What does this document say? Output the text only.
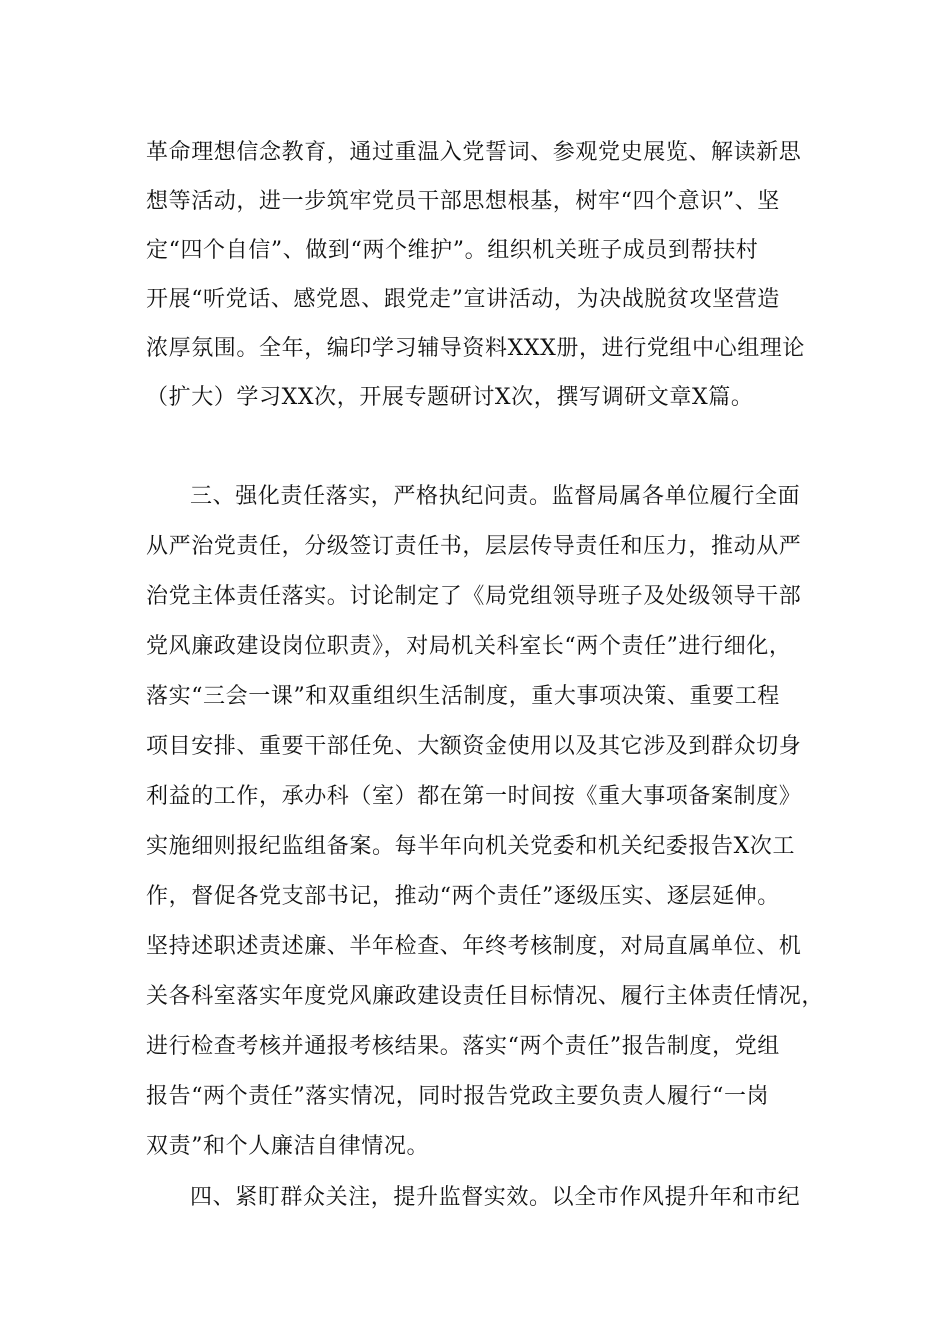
革命理想信念教育，通过重温入党誓词、参观党史展览、解读新思
想等活动，进一步筑牢党员干部思想根基，树牢“四个意识”、坚
定“四个自信”、做到“两个维护”。组织机关班子成员到帮扶村
开展“听党话、感党恩、跟党走”宣讲活动，为决战脱贫攻坚营造
浓厚氛围。全年，编印学习辅导资料XXX册，进行党组中心组理论
（扩大）学习XX次，开展专题研讨X次，撰写调研文章X篇。
三、强化责任落实，严格执纪问责。监督局属各单位履行全面
从严治党责任，分级签订责任书，层层传导责任和压力，推动从严
治党主体责任落实。讨论制定了《局党组领导班子及处级领导干部
党风廉政建设岗位职责》，对局机关科室长“两个责任”进行细化，
落实“三会一课”和双重组织生活制度，重大事项决策、重要工程
项目安排、重要干部任免、大额资金使用以及其它涉及到群众切身
利益的工作，承办科（室）都在第一时间按《重大事项备案制度》
实施细则报纪监组备案。每半年向机关党委和机关纪委报告X次工
作，督促各党支部书记，推动“两个责任”逐级压实、逐层延伸。
坚持述职述责述廉、半年检查、年终考核制度，对局直属单位、机
关各科室落实年度党风廉政建设责任目标情况、履行主体责任情况，
进行检查考核并通报考核结果。落实“两个责任”报告制度，党组
报告“两个责任”落实情况，同时报告党政主要负责人履行“一岗
双责”和个人廉洁自律情况。
四、紧盯群众关注，提升监督实效。以全市作风提升年和市纪
